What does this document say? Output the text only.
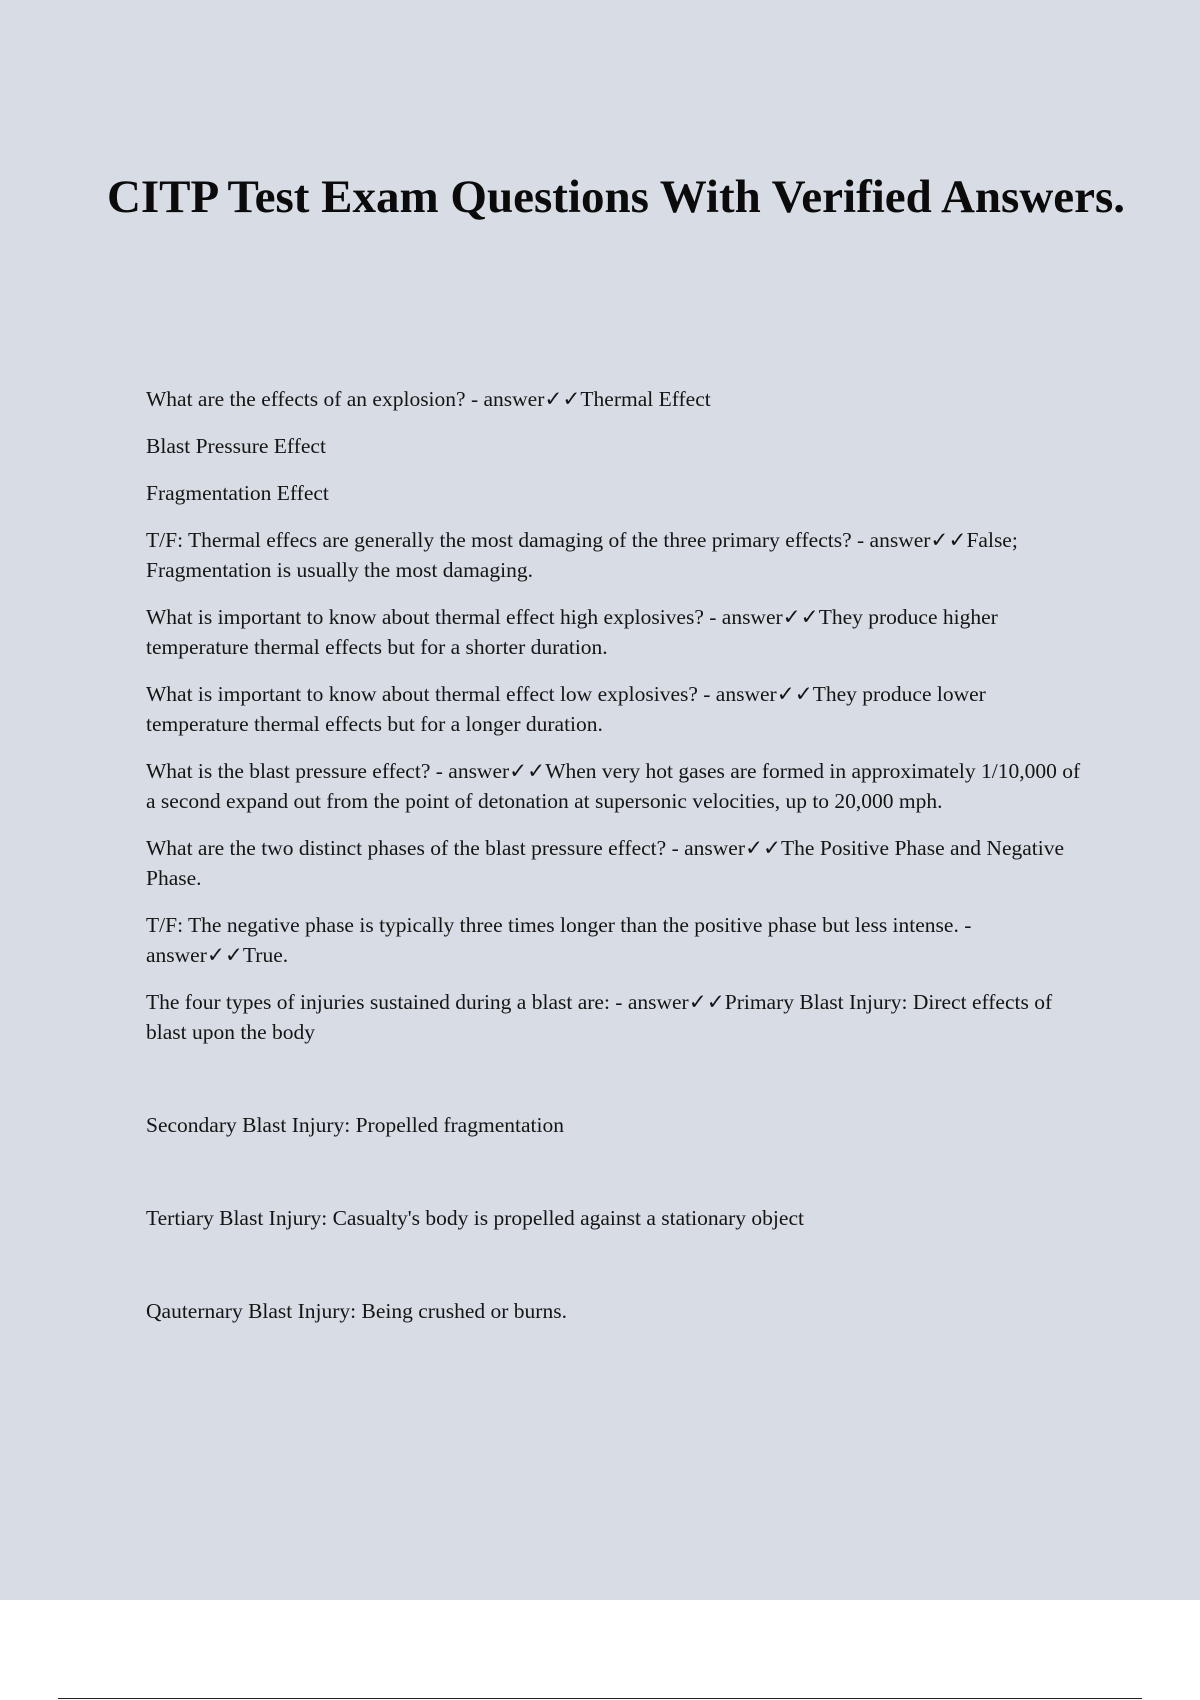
CITP Test Exam Questions With Verified Answers.

What are the effects of an explosion? - answer✓✓Thermal Effect

Blast Pressure Effect

Fragmentation Effect

T/F: Thermal effecs are generally the most damaging of the three primary effects? - answer✓✓False; Fragmentation is usually the most damaging.

What is important to know about thermal effect high explosives? - answer✓✓They produce higher temperature thermal effects but for a shorter duration.

What is important to know about thermal effect low explosives? - answer✓✓They produce lower temperature thermal effects but for a longer duration.

What is the blast pressure effect? - answer✓✓When very hot gases are formed in approximately 1/10,000 of a second expand out from the point of detonation at supersonic velocities, up to 20,000 mph.

What are the two distinct phases of the blast pressure effect? - answer✓✓The Positive Phase and Negative Phase.

T/F: The negative phase is typically three times longer than the positive phase but less intense. - answer✓✓True.

The four types of injuries sustained during a blast are: - answer✓✓Primary Blast Injury: Direct effects of blast upon the body

Secondary Blast Injury: Propelled fragmentation

Tertiary Blast Injury: Casualty's body is propelled against a stationary object

Qauternary Blast Injury: Being crushed or burns.
